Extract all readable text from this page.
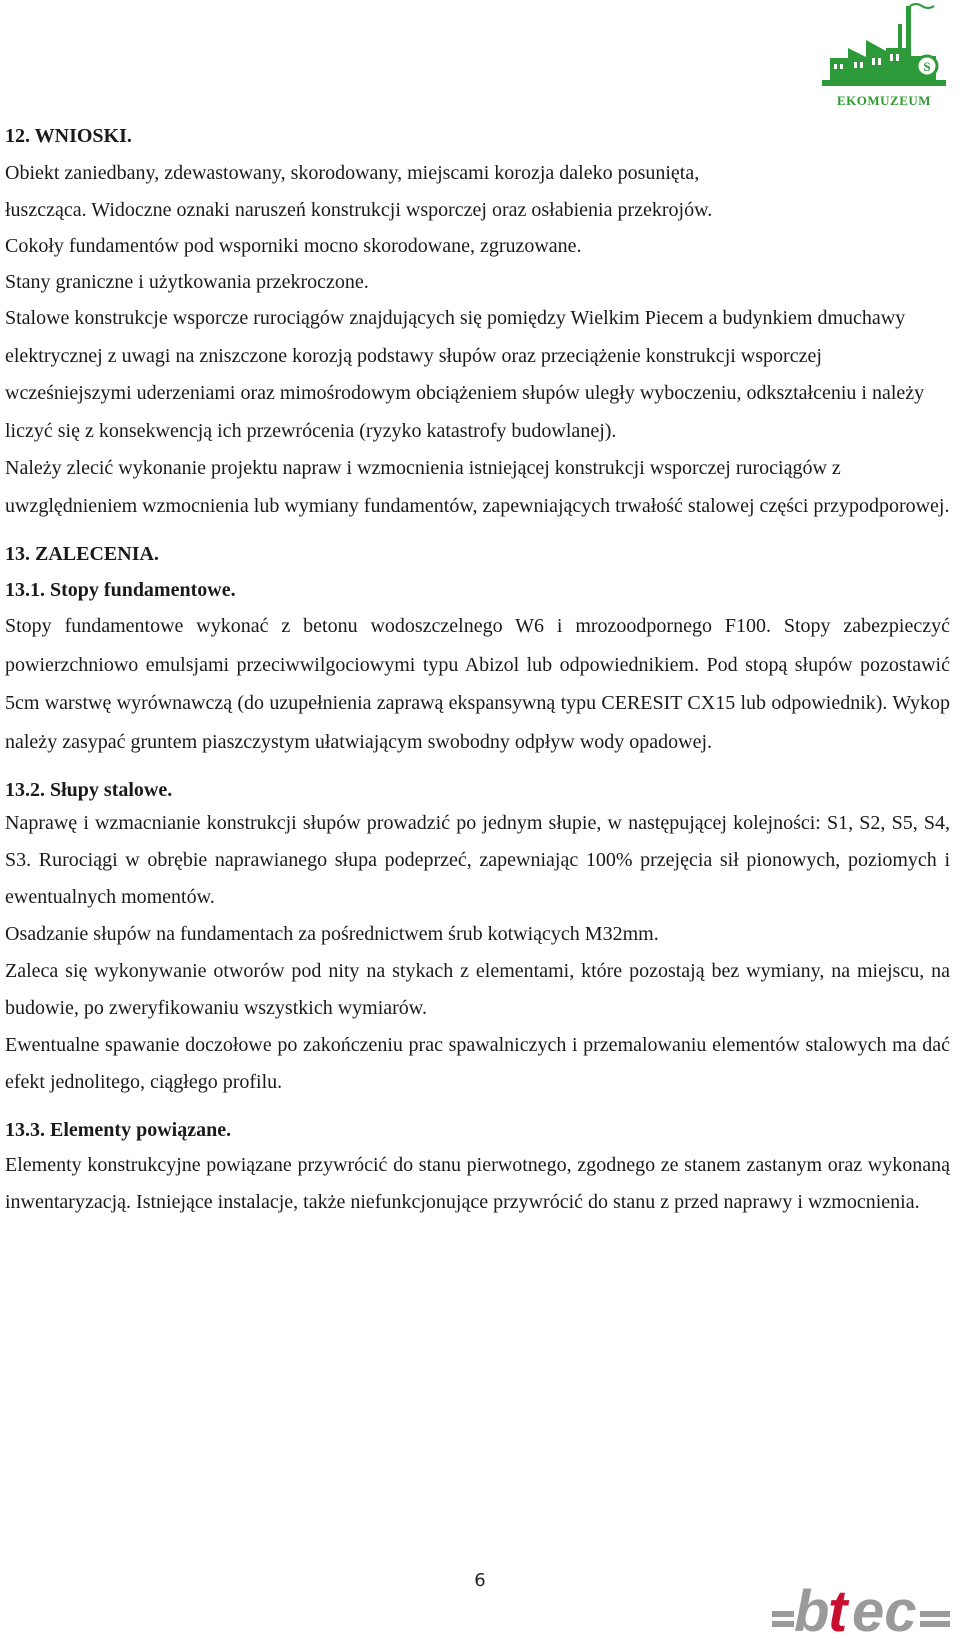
S
EKOMUZEUM

12. WNIOSKI.

Obiekt zaniedbany, zdewastowany, skorodowany, miejscami korozja daleko posunięta,

łuszcząca. Widoczne oznaki naruszeń konstrukcji wsporczej oraz osłabienia przekrojów.

Cokoły fundamentów pod wsporniki mocno skorodowane, zgruzowane.

Stany graniczne i użytkowania przekroczone.

Stalowe konstrukcje wsporcze rurociągów znajdujących się pomiędzy Wielkim Piecem a budynkiem dmuchawy elektrycznej z uwagi na zniszczone korozją podstawy słupów oraz przeciążenie konstrukcji wsporczej wcześniejszymi uderzeniami oraz mimośrodowym obciążeniem słupów uległy wyboczeniu, odkształceniu i należy liczyć się z konsekwencją ich przewrócenia (ryzyko katastrofy budowlanej).

Należy zlecić wykonanie projektu napraw i wzmocnienia istniejącej konstrukcji wsporczej rurociągów z uwzględnieniem wzmocnienia lub wymiany fundamentów, zapewniających trwałość stalowej części przypodporowej.

13. ZALECENIA.

13.1. Stopy fundamentowe.

Stopy fundamentowe wykonać z betonu wodoszczelnego W6 i mrozoodpornego F100. Stopy zabezpieczyć powierzchniowo emulsjami przeciwwilgociowymi typu Abizol lub odpowiednikiem. Pod stopą słupów pozostawić 5cm warstwę wyrównawczą (do uzupełnienia zaprawą ekspansywną typu CERESIT CX15 lub odpowiednik). Wykop należy zasypać gruntem piaszczystym ułatwiającym swobodny odpływ wody opadowej.

13.2. Słupy stalowe.

Naprawę i wzmacnianie konstrukcji słupów prowadzić po jednym słupie, w następującej kolejności: S1, S2, S5, S4, S3. Rurociągi w obrębie naprawianego słupa podeprzeć, zapewniając 100% przejęcia sił pionowych, poziomych i ewentualnych momentów.

Osadzanie słupów na fundamentach za pośrednictwem śrub kotwiących M32mm.

Zaleca się wykonywanie otworów pod nity na stykach z elementami, które pozostają bez wymiany, na miejscu, na budowie, po zweryfikowaniu wszystkich wymiarów.

Ewentualne spawanie doczołowe po zakończeniu prac spawalniczych i przemalowaniu elementów stalowych ma dać efekt jednolitego, ciągłego profilu.

13.3. Elementy powiązane.

Elementy konstrukcyjne powiązane przywrócić do stanu pierwotnego, zgodnego ze stanem zastanym oraz wykonaną inwentaryzacją. Istniejące instalacje, także niefunkcjonujące przywrócić do stanu z przed naprawy i wzmocnienia.

6	b
t ec
